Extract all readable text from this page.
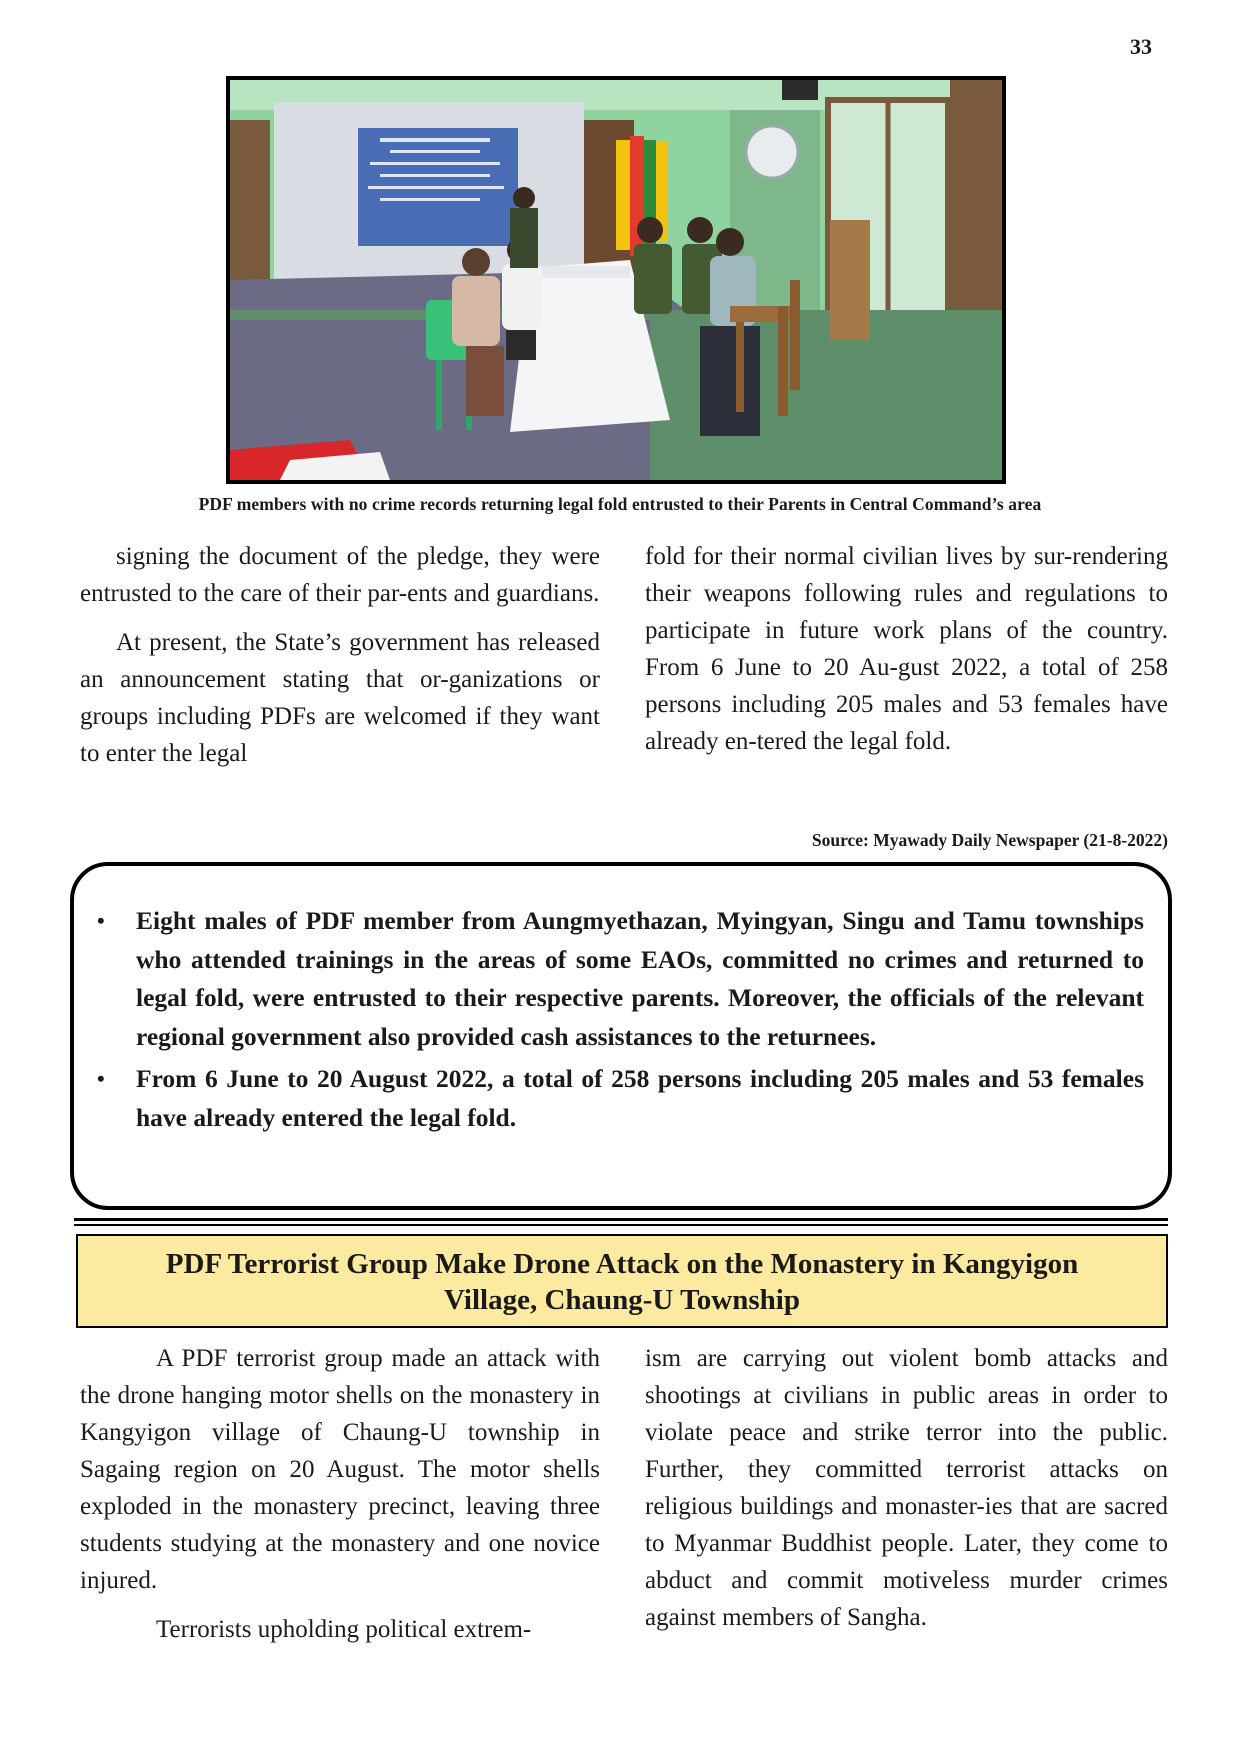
33
PDF members with no crime records returning legal fold entrusted to their Parents in Central Command’s area

signing the document of the pledge, they were entrusted to the care of their par-ents and guardians.

At present, the State’s government has released an announcement stating that or-ganizations or groups including PDFs are welcomed if they want to enter the legal

fold for their normal civilian lives by sur-rendering their weapons following rules and regulations to participate in future work plans of the country. From 6 June to 20 Au-gust 2022, a total of 258 persons including 205 males and 53 females have already en-tered the legal fold.

Source: Myawady Daily Newspaper (21-8-2022)
• Eight males of PDF member from Aungmyethazan, Myingyan, Singu and Tamu townships who attended trainings in the areas of some EAOs, committed no crimes and returned to legal fold, were entrusted to their respective parents. Moreover, the officials of the relevant regional government also provided cash assistances to the returnees.
• From 6 June to 20 August 2022, a total of 258 persons including 205 males and 53 females have already entered the legal fold.
PDF Terrorist Group Make Drone Attack on the Monastery in Kangyigon
Village, Chaung-U Township

A PDF terrorist group made an attack with the drone hanging motor shells on the monastery in Kangyigon village of Chaung-U township in Sagaing region on 20 August. The motor shells exploded in the monastery precinct, leaving three students studying at the monastery and one novice injured.

Terrorists upholding political extrem-

ism are carrying out violent bomb attacks and shootings at civilians in public areas in order to violate peace and strike terror into the public. Further, they committed terrorist attacks on religious buildings and monaster-ies that are sacred to Myanmar Buddhist people. Later, they come to abduct and commit motiveless murder crimes against members of Sangha.
